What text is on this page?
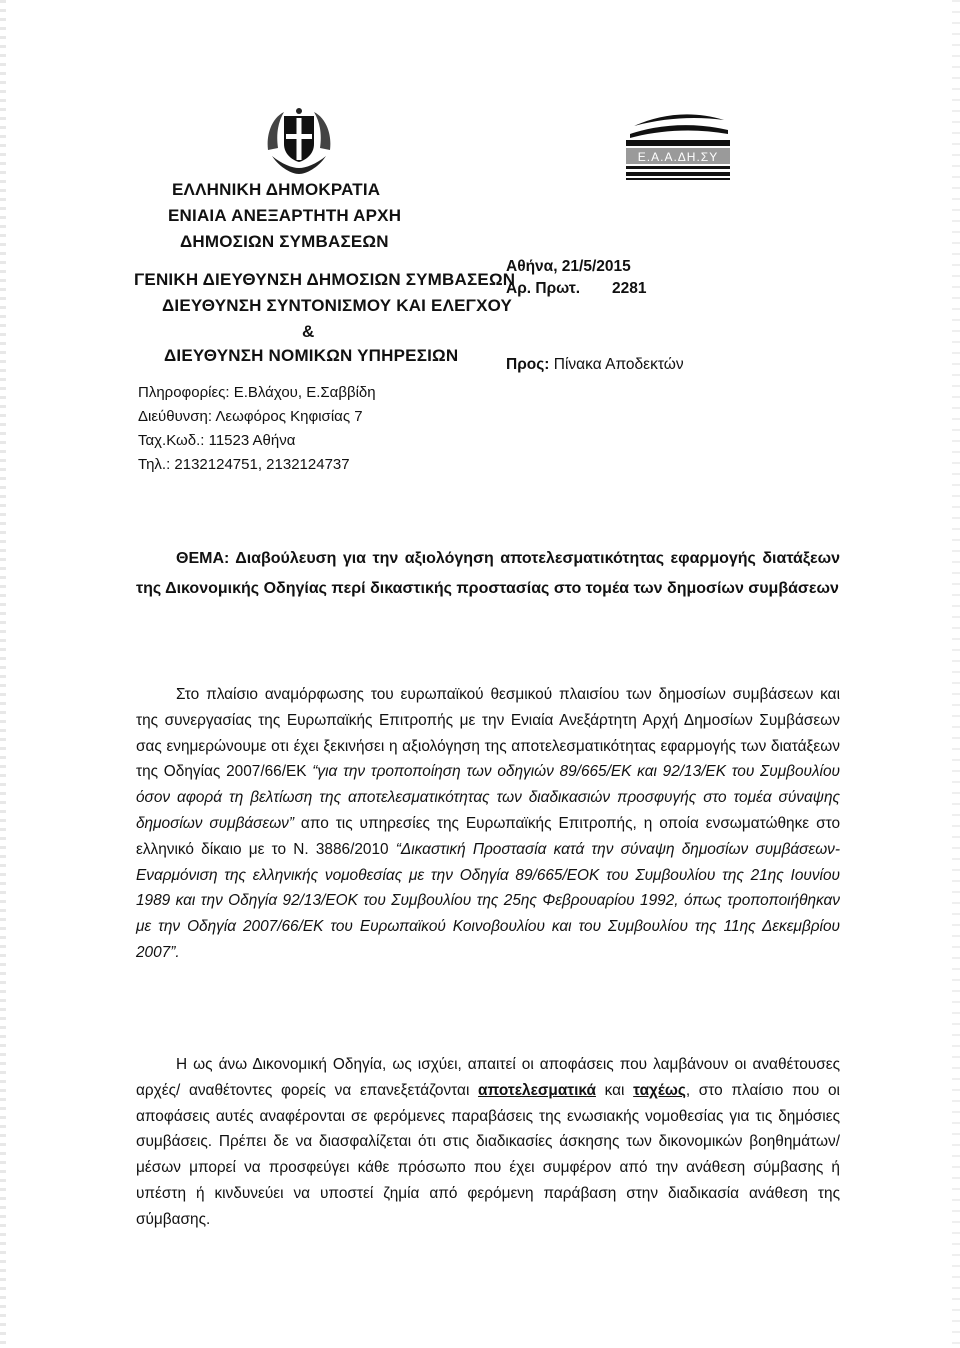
Ε.Α.Α.ΔΗ.ΣΥ
ΕΛΛΗΝΙΚΗ ΔΗΜΟΚΡΑΤΙΑ
ΕΝΙΑΙΑ ΑΝΕΞΑΡΤΗΤΗ ΑΡΧΗ
ΔΗΜΟΣΙΩΝ ΣΥΜΒΑΣΕΩΝ
ΓΕΝΙΚΗ ΔΙΕΥΘΥΝΣΗ ΔΗΜΟΣΙΩΝ ΣΥΜΒΑΣΕΩΝ
ΔΙΕΥΘΥΝΣΗ ΣΥΝΤΟΝΙΣΜΟΥ ΚΑΙ ΕΛΕΓΧΟΥ
&
ΔΙΕΥΘΥΝΣΗ ΝΟΜΙΚΩΝ ΥΠΗΡΕΣΙΩΝ
Αθήνα, 21/5/2015
Αρ. Πρωτ. 2281
Προς: Πίνακα Αποδεκτών
Πληροφορίες: Ε.Βλάχου, Ε.Σαββίδη
Διεύθυνση: Λεωφόρος Κηφισίας 7
Ταχ.Κωδ.: 11523 Αθήνα
Τηλ.: 2132124751, 2132124737
ΘΕΜΑ: Διαβούλευση για την αξιολόγηση αποτελεσματικότητας εφαρμογής διατάξεων της Δικονομικής Οδηγίας περί δικαστικής προστασίας στο τομέα των δημοσίων συμβάσεων
Στο πλαίσιο αναμόρφωσης του ευρωπαϊκού θεσμικού πλαισίου των δημοσίων συμβάσεων και της συνεργασίας της Ευρωπαϊκής Επιτροπής με την Ενιαία Ανεξάρτητη Αρχή Δημοσίων Συμβάσεων σας ενημερώνουμε οτι έχει ξεκινήσει η αξιολόγηση της αποτελεσματικότητας εφαρμογής των διατάξεων της Οδηγίας 2007/66/ΕΚ “για την τροποποίηση των οδηγιών 89/665/ΕΚ και 92/13/ΕΚ του Συμβουλίου όσον αφορά τη βελτίωση της αποτελεσματικότητας των διαδικασιών προσφυγής στο τομέα σύναψης δημοσίων συμβάσεων” απο τις υπηρεσίες της Ευρωπαϊκής Επιτροπής, η οποία ενσωματώθηκε στο ελληνικό δίκαιο με το Ν. 3886/2010 “Δικαστική Προστασία κατά την σύναψη δημοσίων συμβάσεων-Εναρμόνιση της ελληνικής νομοθεσίας με την Οδηγία 89/665/ΕΟΚ του Συμβουλίου της 21ης Ιουνίου 1989 και την Οδηγία 92/13/ΕΟΚ του Συμβουλίου της 25ης Φεβρουαρίου 1992, όπως τροποποιήθηκαν με την Οδηγία 2007/66/ΕΚ του Ευρωπαϊκού Κοινοβουλίου και του Συμβουλίου της 11ης Δεκεμβρίου 2007”.
Η ως άνω Δικονομική Οδηγία, ως ισχύει, απαιτεί οι αποφάσεις που λαμβάνουν οι αναθέτουσες αρχές/ αναθέτοντες φορείς να επανεξετάζονται αποτελεσματικά και ταχέως, στο πλαίσιο που οι αποφάσεις αυτές αναφέρονται σε φερόμενες παραβάσεις της ενωσιακής νομοθεσίας για τις δημόσιες συμβάσεις. Πρέπει δε να διασφαλίζεται ότι στις διαδικασίες άσκησης των δικονομικών βοηθημάτων/μέσων μπορεί να προσφεύγει κάθε πρόσωπο που έχει συμφέρον από την ανάθεση σύμβασης ή υπέστη ή κινδυνεύει να υποστεί ζημία από φερόμενη παράβαση στην διαδικασία ανάθεση της σύμβασης.
